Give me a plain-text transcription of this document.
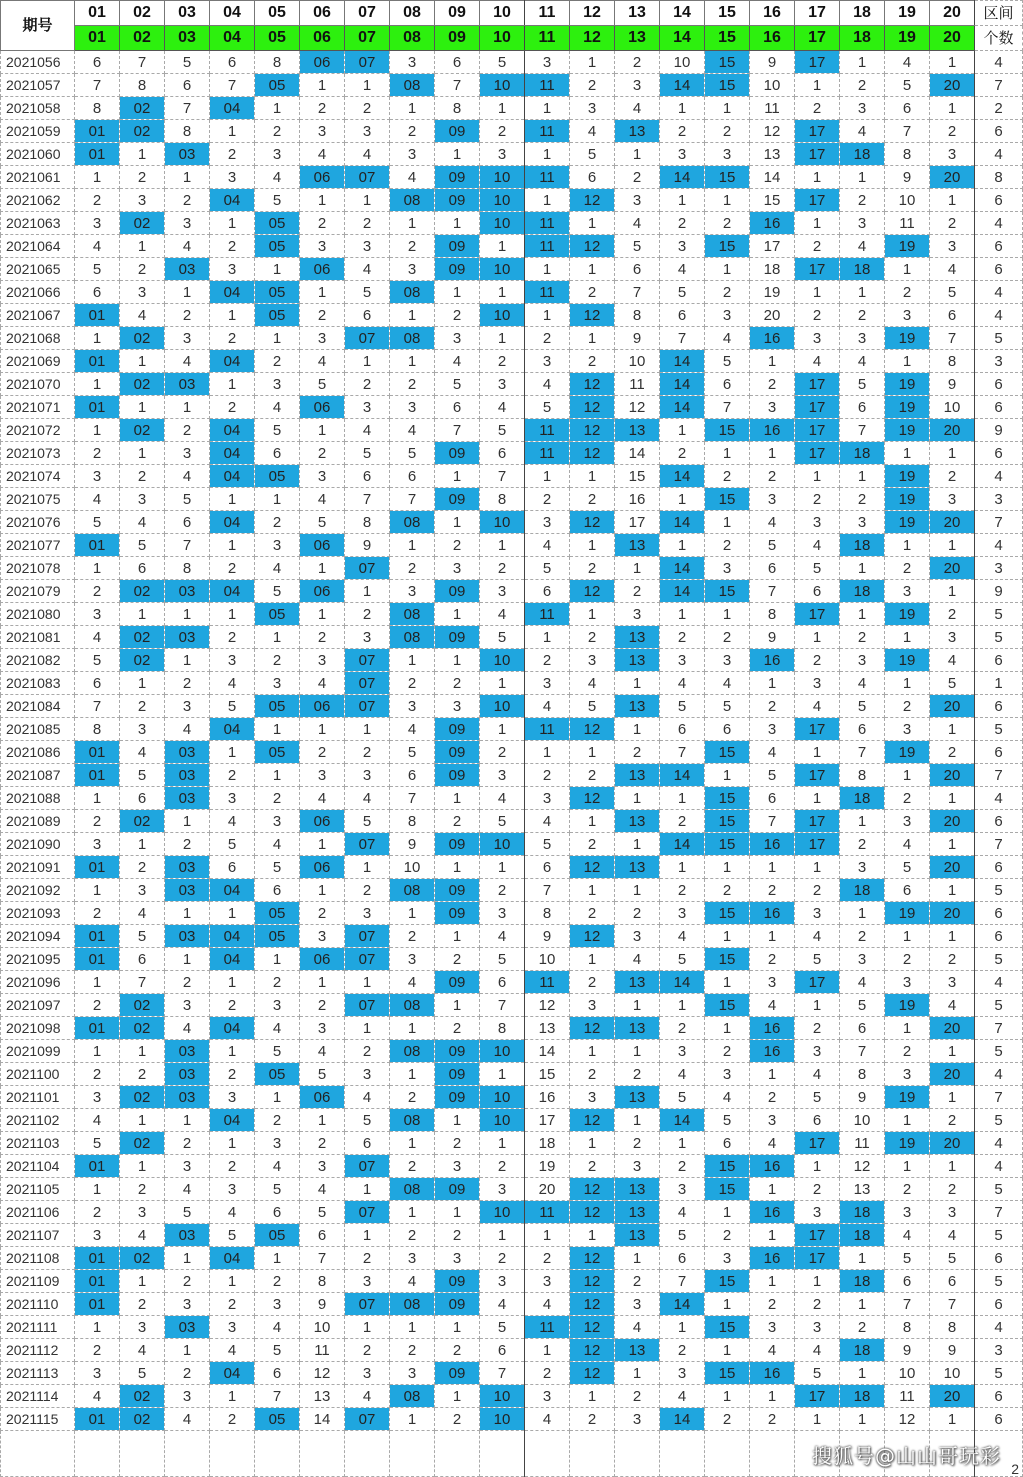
期号	01	02	03	04	05	06	07	08	09	10	11	12	13	14	15	16	17	18	19	20	区间
	01	02	03	04	05	06	07	08	09	10	11	12	13	14	15	16	17	18	19	20	个数
2021056	6	7	5	6	8	06	07	3	6	5	3	1	2	10	15	9	17	1	4	1	4
2021057	7	8	6	7	05	1	1	08	7	10	11	2	3	14	15	10	1	2	5	20	7
2021058	8	02	7	04	1	2	2	1	8	1	1	3	4	1	1	11	2	3	6	1	2
2021059	01	02	8	1	2	3	3	2	09	2	11	4	13	2	2	12	17	4	7	2	6
2021060	01	1	03	2	3	4	4	3	1	3	1	5	1	3	3	13	17	18	8	3	4
2021061	1	2	1	3	4	06	07	4	09	10	11	6	2	14	15	14	1	1	9	20	8
2021062	2	3	2	04	5	1	1	08	09	10	1	12	3	1	1	15	17	2	10	1	6
2021063	3	02	3	1	05	2	2	1	1	10	11	1	4	2	2	16	1	3	11	2	4
2021064	4	1	4	2	05	3	3	2	09	1	11	12	5	3	15	17	2	4	19	3	6
2021065	5	2	03	3	1	06	4	3	09	10	1	1	6	4	1	18	17	18	1	4	6
2021066	6	3	1	04	05	1	5	08	1	1	11	2	7	5	2	19	1	1	2	5	4
2021067	01	4	2	1	05	2	6	1	2	10	1	12	8	6	3	20	2	2	3	6	4
2021068	1	02	3	2	1	3	07	08	3	1	2	1	9	7	4	16	3	3	19	7	5
2021069	01	1	4	04	2	4	1	1	4	2	3	2	10	14	5	1	4	4	1	8	3
2021070	1	02	03	1	3	5	2	2	5	3	4	12	11	14	6	2	17	5	19	9	6
2021071	01	1	1	2	4	06	3	3	6	4	5	12	12	14	7	3	17	6	19	10	6
2021072	1	02	2	04	5	1	4	4	7	5	11	12	13	1	15	16	17	7	19	20	9
2021073	2	1	3	04	6	2	5	5	09	6	11	12	14	2	1	1	17	18	1	1	6
2021074	3	2	4	04	05	3	6	6	1	7	1	1	15	14	2	2	1	1	19	2	4
2021075	4	3	5	1	1	4	7	7	09	8	2	2	16	1	15	3	2	2	19	3	3
2021076	5	4	6	04	2	5	8	08	1	10	3	12	17	14	1	4	3	3	19	20	7
2021077	01	5	7	1	3	06	9	1	2	1	4	1	13	1	2	5	4	18	1	1	4
2021078	1	6	8	2	4	1	07	2	3	2	5	2	1	14	3	6	5	1	2	20	3
2021079	2	02	03	04	5	06	1	3	09	3	6	12	2	14	15	7	6	18	3	1	9
2021080	3	1	1	1	05	1	2	08	1	4	11	1	3	1	1	8	17	1	19	2	5
2021081	4	02	03	2	1	2	3	08	09	5	1	2	13	2	2	9	1	2	1	3	5
2021082	5	02	1	3	2	3	07	1	1	10	2	3	13	3	3	16	2	3	19	4	6
2021083	6	1	2	4	3	4	07	2	2	1	3	4	1	4	4	1	3	4	1	5	1
2021084	7	2	3	5	05	06	07	3	3	10	4	5	13	5	5	2	4	5	2	20	6
2021085	8	3	4	04	1	1	1	4	09	1	11	12	1	6	6	3	17	6	3	1	5
2021086	01	4	03	1	05	2	2	5	09	2	1	1	2	7	15	4	1	7	19	2	6
2021087	01	5	03	2	1	3	3	6	09	3	2	2	13	14	1	5	17	8	1	20	7
2021088	1	6	03	3	2	4	4	7	1	4	3	12	1	1	15	6	1	18	2	1	4
2021089	2	02	1	4	3	06	5	8	2	5	4	1	13	2	15	7	17	1	3	20	6
2021090	3	1	2	5	4	1	07	9	09	10	5	2	1	14	15	16	17	2	4	1	7
2021091	01	2	03	6	5	06	1	10	1	1	6	12	13	1	1	1	1	3	5	20	6
2021092	1	3	03	04	6	1	2	08	09	2	7	1	1	2	2	2	2	18	6	1	5
2021093	2	4	1	1	05	2	3	1	09	3	8	2	2	3	15	16	3	1	19	20	6
2021094	01	5	03	04	05	3	07	2	1	4	9	12	3	4	1	1	4	2	1	1	6
2021095	01	6	1	04	1	06	07	3	2	5	10	1	4	5	15	2	5	3	2	2	5
2021096	1	7	2	1	2	1	1	4	09	6	11	2	13	14	1	3	17	4	3	3	4
2021097	2	02	3	2	3	2	07	08	1	7	12	3	1	1	15	4	1	5	19	4	5
2021098	01	02	4	04	4	3	1	1	2	8	13	12	13	2	1	16	2	6	1	20	7
2021099	1	1	03	1	5	4	2	08	09	10	14	1	1	3	2	16	3	7	2	1	5
2021100	2	2	03	2	05	5	3	1	09	1	15	2	2	4	3	1	4	8	3	20	4
2021101	3	02	03	3	1	06	4	2	09	10	16	3	13	5	4	2	5	9	19	1	7
2021102	4	1	1	04	2	1	5	08	1	10	17	12	1	14	5	3	6	10	1	2	5
2021103	5	02	2	1	3	2	6	1	2	1	18	1	2	1	6	4	17	11	19	20	4
2021104	01	1	3	2	4	3	07	2	3	2	19	2	3	2	15	16	1	12	1	1	4
2021105	1	2	4	3	5	4	1	08	09	3	20	12	13	3	15	1	2	13	2	2	5
2021106	2	3	5	4	6	5	07	1	1	10	11	12	13	4	1	16	3	18	3	3	7
2021107	3	4	03	5	05	6	1	2	2	1	1	1	13	5	2	1	17	18	4	4	5
2021108	01	02	1	04	1	7	2	3	3	2	2	12	1	6	3	16	17	1	5	5	6
2021109	01	1	2	1	2	8	3	4	09	3	3	12	2	7	15	1	1	18	6	6	5
2021110	01	2	3	2	3	9	07	08	09	4	4	12	3	14	1	2	2	1	7	7	6
2021111	1	3	03	3	4	10	1	1	1	5	11	12	4	1	15	3	3	2	8	8	4
2021112	2	4	1	4	5	11	2	2	2	6	1	12	13	2	1	4	4	18	9	9	3
2021113	3	5	2	04	6	12	3	3	09	7	2	12	1	3	15	16	5	1	10	10	5
2021114	4	02	3	1	7	13	4	08	1	10	3	1	2	4	1	1	17	18	11	20	6
2021115	01	02	4	2	05	14	07	1	2	10	4	2	3	14	2	2	1	1	12	1	6
																					2
搜狐号@山山哥玩彩
